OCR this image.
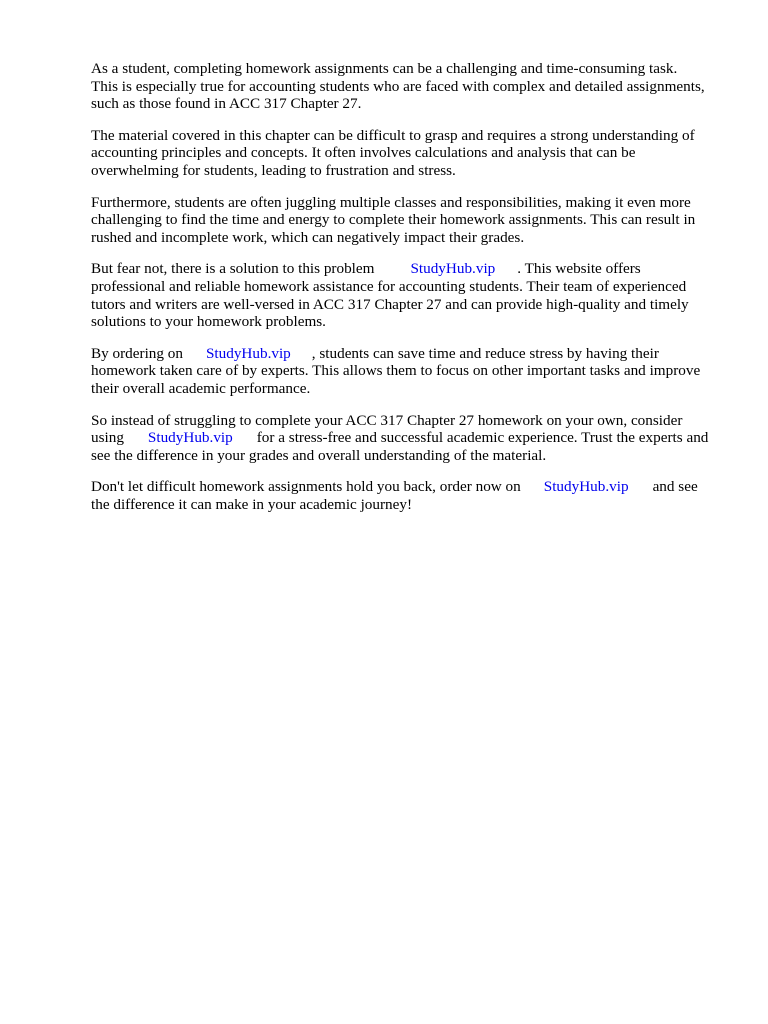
As a student, completing homework assignments can be a challenging and time-consuming task.
This is especially true for accounting students who are faced with complex and detailed assignments,
such as those found in ACC 317 Chapter 27.

The material covered in this chapter can be difficult to grasp and requires a strong understanding of
accounting principles and concepts. It often involves calculations and analysis that can be
overwhelming for students, leading to frustration and stress.

Furthermore, students are often juggling multiple classes and responsibilities, making it even more
challenging to find the time and energy to complete their homework assignments. This can result in
rushed and incomplete work, which can negatively impact their grades.

But fear not, there is a solution to this problem StudyHub.vip . This website offers
professional and reliable homework assistance for accounting students. Their team of experienced
tutors and writers are well-versed in ACC 317 Chapter 27 and can provide high-quality and timely
solutions to your homework problems.

By ordering on StudyHub.vip , students can save time and reduce stress by having their
homework taken care of by experts. This allows them to focus on other important tasks and improve
their overall academic performance.

So instead of struggling to complete your ACC 317 Chapter 27 homework on your own, consider
using StudyHub.vip for a stress-free and successful academic experience. Trust the experts and
see the difference in your grades and overall understanding of the material.

Don't let difficult homework assignments hold you back, order now on StudyHub.vip and see
the difference it can make in your academic journey!
